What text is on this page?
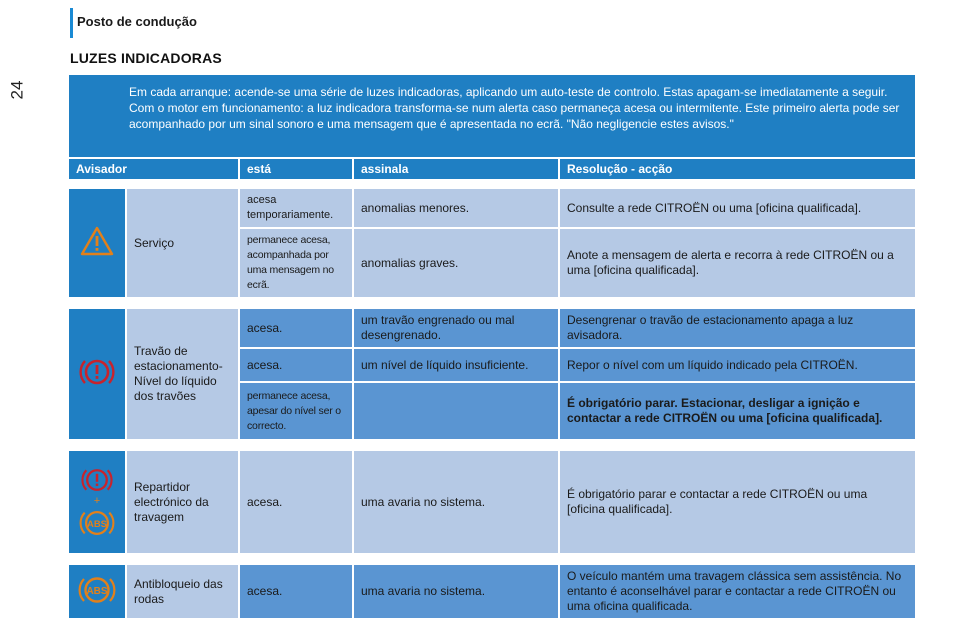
Posto de condução
24
LUZES INDICADORAS
Em cada arranque: acende-se uma série de luzes indicadoras, aplicando um auto-teste de controlo. Estas apagam-se imediatamente a seguir. Com o motor em funcionamento: a luz indicadora transforma-se num alerta caso permaneça acesa ou intermitente. Este primeiro alerta pode ser acompanhado por um sinal sonoro e uma mensagem que é apresentada no ecrã. "Não negligencie estes avisos."
Avisador		está	assinala	Resolução - acção

	Serviço	acesa temporariamente.	anomalias menores.	Consulte a rede CITROËN ou uma [oficina qualificada].
		permanece acesa, acompanhada por uma mensagem no ecrã.	anomalias graves.	Anote a mensagem de alerta e recorra à rede CITROËN ou a uma [oficina qualificada].

	Travão de estacionamento- Nível do líquido dos travões	acesa.	um travão engrenado ou mal desengrenado.	Desengrenar o travão de estacionamento apaga a luz avisadora.
		acesa.	um nível de líquido insuficiente.	Repor o nível com um líquido indicado pela CITROËN.
		permanece acesa, apesar do nível ser o correcto.		É obrigatório parar. Estacionar, desligar a ignição e contactar a rede CITROËN ou uma [oficina qualificada].

+
ABS	Repartidor electrónico da travagem	acesa.	uma avaria no sistema.	É obrigatório parar e contactar a rede CITROËN ou uma [oficina qualificada].

ABS	Antibloqueio das rodas	acesa.	uma avaria no sistema.	O veículo mantém uma travagem clássica sem assistência. No entanto é aconselhável parar e contactar a rede CITROËN ou uma oficina qualificada.
